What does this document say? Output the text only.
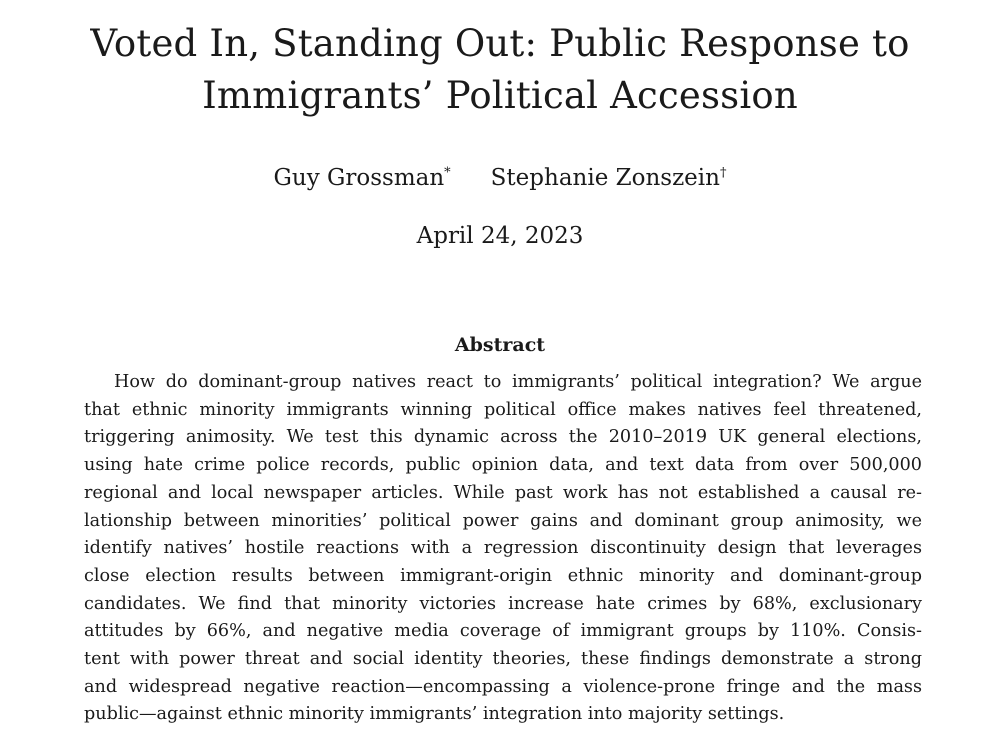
Voted In, Standing Out: Public Response to
Immigrants’ Political Accession
Guy Grossman* Stephanie Zonszein†
April 24, 2023
Abstract
How do dominant-group natives react to immigrants’ political integration? We argue
that ethnic minority immigrants winning political office makes natives feel threatened,
triggering animosity. We test this dynamic across the 2010–2019 UK general elections,
using hate crime police records, public opinion data, and text data from over 500,000
regional and local newspaper articles. While past work has not established a causal re-
lationship between minorities’ political power gains and dominant group animosity, we
identify natives’ hostile reactions with a regression discontinuity design that leverages
close election results between immigrant-origin ethnic minority and dominant-group
candidates. We find that minority victories increase hate crimes by 68%, exclusionary
attitudes by 66%, and negative media coverage of immigrant groups by 110%. Consis-
tent with power threat and social identity theories, these findings demonstrate a strong
and widespread negative reaction—encompassing a violence-prone fringe and the mass
public—against ethnic minority immigrants’ integration into majority settings.
